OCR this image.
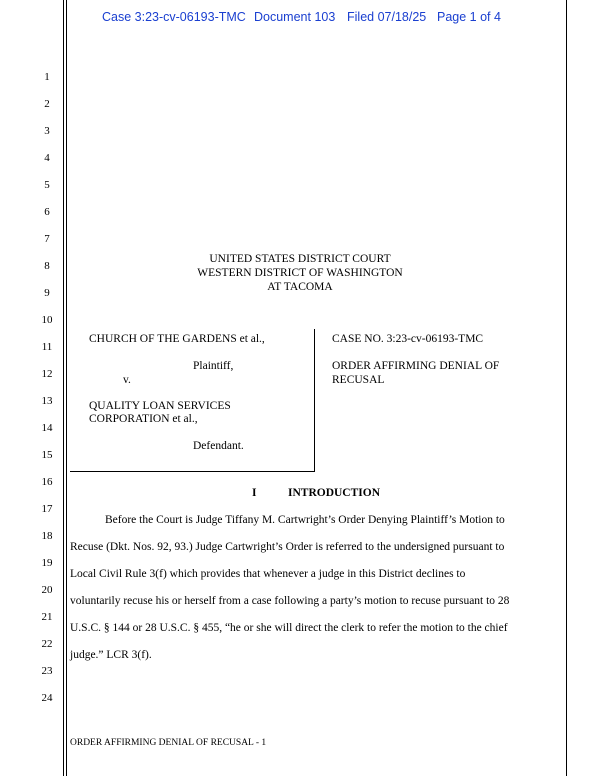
Case 3:23-cv-06193-TMC Document 103 Filed 07/18/25 Page 1 of 4
1
2
3
4
5
6
7
8
9
10
11
12
13
14
15
16
17
18
19
20
21
22
23
24
UNITED STATES DISTRICT COURT
WESTERN DISTRICT OF WASHINGTON
AT TACOMA
CHURCH OF THE GARDENS et al.,
Plaintiff,
v.
QUALITY LOAN SERVICES
CORPORATION et al.,
Defendant.
CASE NO. 3:23-cv-06193-TMC
ORDER AFFIRMING DENIAL OF
RECUSAL
I	INTRODUCTION
Before the Court is Judge Tiffany M. Cartwright’s Order Denying Plaintiff’s Motion to
Recuse (Dkt. Nos. 92, 93.) Judge Cartwright’s Order is referred to the undersigned pursuant to
Local Civil Rule 3(f) which provides that whenever a judge in this District declines to
voluntarily recuse his or herself from a case following a party’s motion to recuse pursuant to 28
U.S.C. § 144 or 28 U.S.C. § 455, “he or she will direct the clerk to refer the motion to the chief
judge.” LCR 3(f).
ORDER AFFIRMING DENIAL OF RECUSAL - 1
